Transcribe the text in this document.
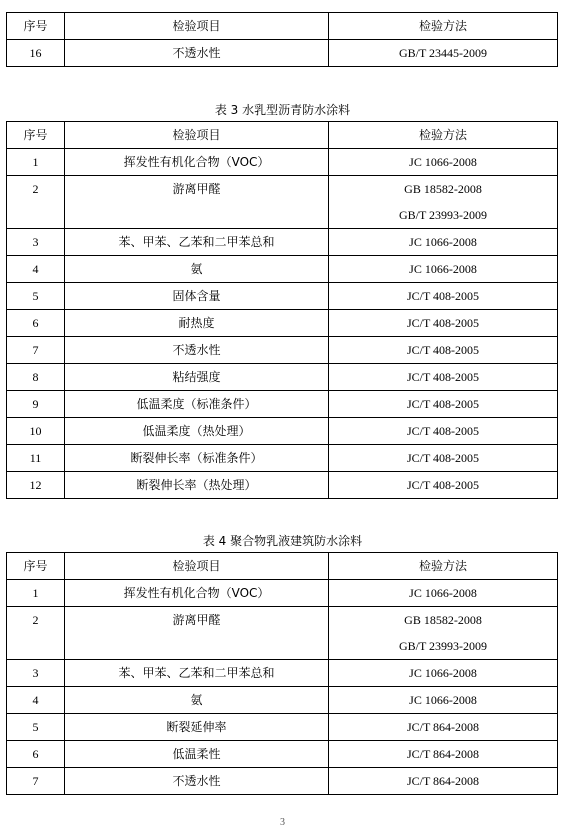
序号	检验项目	检验方法
16	不透水性	GB/T 23445-2009
表 3 水乳型沥青防水涂料
序号	检验项目	检验方法
1	挥发性有机化合物（VOC）	JC 1066-2008
2	游离甲醛	GB 18582-2008
GB/T 23993-2009

3	苯、甲苯、乙苯和二甲苯总和	JC 1066-2008
4	氨	JC 1066-2008
5	固体含量	JC/T 408-2005
6	耐热度	JC/T 408-2005
7	不透水性	JC/T 408-2005
8	粘结强度	JC/T 408-2005
9	低温柔度（标准条件）	JC/T 408-2005
10	低温柔度（热处理）	JC/T 408-2005
11	断裂伸长率（标准条件）	JC/T 408-2005
12	断裂伸长率（热处理）	JC/T 408-2005
表 4 聚合物乳液建筑防水涂料
序号	检验项目	检验方法
1	挥发性有机化合物（VOC）	JC 1066-2008
2	游离甲醛	GB 18582-2008
GB/T 23993-2009

3	苯、甲苯、乙苯和二甲苯总和	JC 1066-2008
4	氨	JC 1066-2008
5	断裂延伸率	JC/T 864-2008
6	低温柔性	JC/T 864-2008
7	不透水性	JC/T 864-2008
3
